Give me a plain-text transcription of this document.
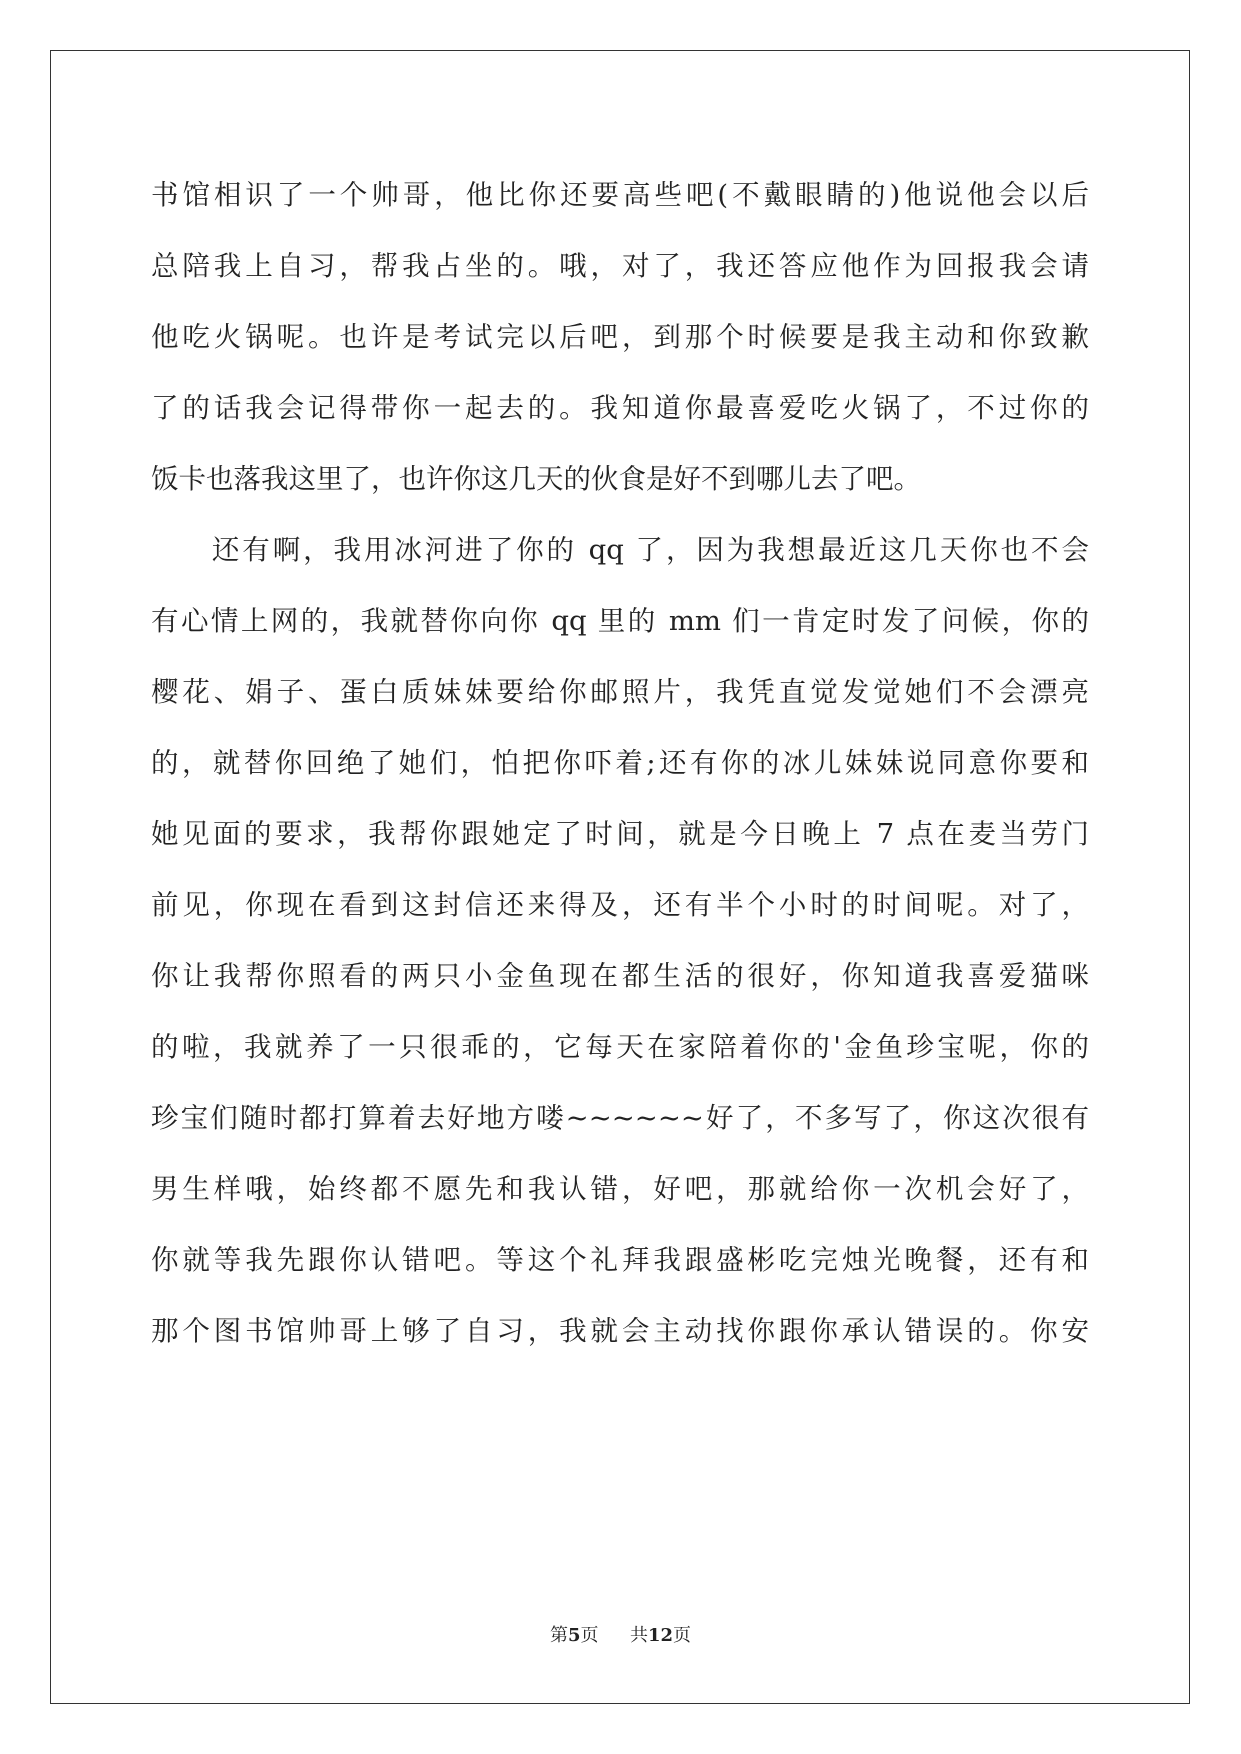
书馆相识了一个帅哥，他比你还要高些吧(不戴眼睛的)他说他会以后
总陪我上自习，帮我占坐的。哦，对了，我还答应他作为回报我会请
他吃火锅呢。也许是考试完以后吧，到那个时候要是我主动和你致歉
了的话我会记得带你一起去的。我知道你最喜爱吃火锅了，不过你的
饭卡也落我这里了，也许你这几天的伙食是好不到哪儿去了吧。
　　还有啊，我用冰河进了你的 qq 了，因为我想最近这几天你也不会
有心情上网的，我就替你向你 qq 里的 mm 们一肯定时发了问候，你的
樱花、娟子、蛋白质妹妹要给你邮照片，我凭直觉发觉她们不会漂亮
的，就替你回绝了她们，怕把你吓着;还有你的冰儿妹妹说同意你要和
她见面的要求，我帮你跟她定了时间，就是今日晚上 7 点在麦当劳门
前见，你现在看到这封信还来得及，还有半个小时的时间呢。对了，
你让我帮你照看的两只小金鱼现在都生活的很好，你知道我喜爱猫咪
的啦，我就养了一只很乖的，它每天在家陪着你的'金鱼珍宝呢，你的
珍宝们随时都打算着去好地方喽~~~~~~好了，不多写了，你这次很有
男生样哦，始终都不愿先和我认错，好吧，那就给你一次机会好了，
你就等我先跟你认错吧。等这个礼拜我跟盛彬吃完烛光晚餐，还有和
那个图书馆帅哥上够了自习，我就会主动找你跟你承认错误的。你安
第5页 共12页
